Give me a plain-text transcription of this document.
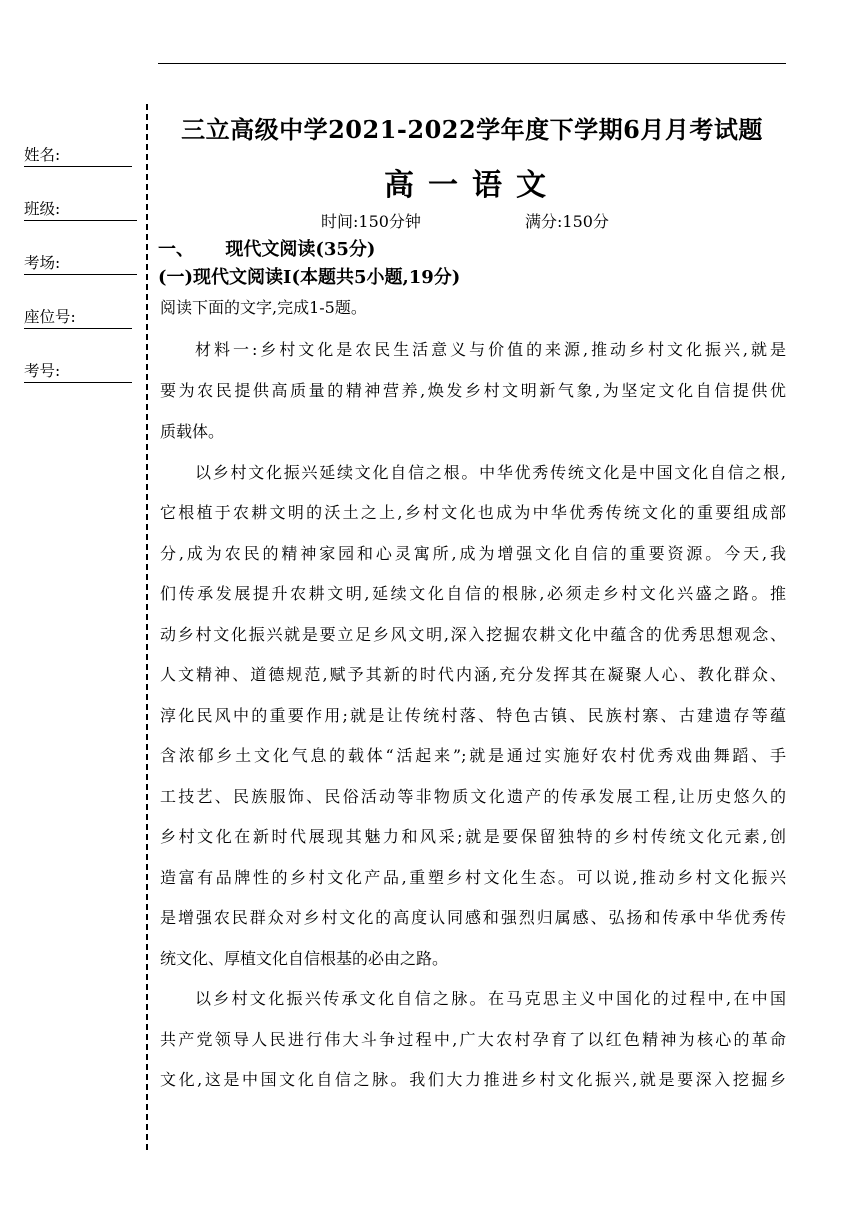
姓名:
班级:
考场:
座位号:
考号:
三立高级中学2021-2022学年度下学期6月月考试题
高一语文
时间:150分钟	满分:150分
一、     现代文阅读(35分)
(一)现代文阅读Ⅰ(本题共5小题,19分)
阅读下面的文字,完成1-5题。
材料一:乡村文化是农民生活意义与价值的来源,推动乡村文化振兴,就是
要为农民提供高质量的精神营养,焕发乡村文明新气象,为坚定文化自信提供优
质载体。
以乡村文化振兴延续文化自信之根。中华优秀传统文化是中国文化自信之根,
它根植于农耕文明的沃土之上,乡村文化也成为中华优秀传统文化的重要组成部
分,成为农民的精神家园和心灵寓所,成为增强文化自信的重要资源。今天,我
们传承发展提升农耕文明,延续文化自信的根脉,必须走乡村文化兴盛之路。推
动乡村文化振兴就是要立足乡风文明,深入挖掘农耕文化中蕴含的优秀思想观念、
人文精神、道德规范,赋予其新的时代内涵,充分发挥其在凝聚人心、教化群众、
淳化民风中的重要作用;就是让传统村落、特色古镇、民族村寨、古建遗存等蕴
含浓郁乡土文化气息的载体“活起来”;就是通过实施好农村优秀戏曲舞蹈、手
工技艺、民族服饰、民俗活动等非物质文化遗产的传承发展工程,让历史悠久的
乡村文化在新时代展现其魅力和风采;就是要保留独特的乡村传统文化元素,创
造富有品牌性的乡村文化产品,重塑乡村文化生态。可以说,推动乡村文化振兴
是增强农民群众对乡村文化的高度认同感和强烈归属感、弘扬和传承中华优秀传
统文化、厚植文化自信根基的必由之路。
以乡村文化振兴传承文化自信之脉。在马克思主义中国化的过程中,在中国
共产党领导人民进行伟大斗争过程中,广大农村孕育了以红色精神为核心的革命
文化,这是中国文化自信之脉。我们大力推进乡村文化振兴,就是要深入挖掘乡
